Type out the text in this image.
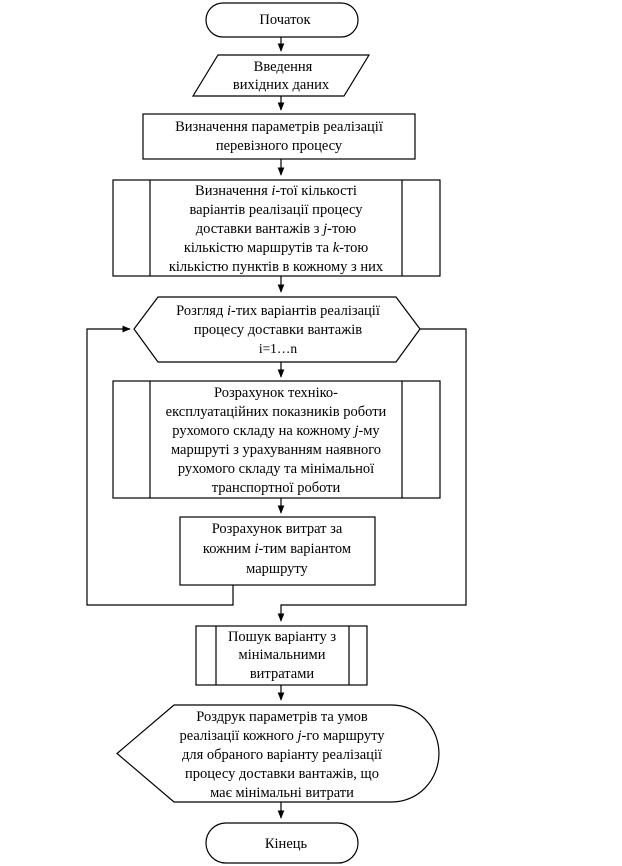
Початок
Введення
вихідних даних
Визначення параметрів реалізації
перевізного процесу
Визначення i-тої кількості
варіантів реалізації процесу
доставки вантажів з j-тою
кількістю маршрутів та k-тою
кількістю пунктів в кожному з них
Розгляд i-тих варіантів реалізації
процесу доставки вантажів
i=1…n
Розрахунок техніко-
експлуатаційних показників роботи
рухомого складу на кожному j-му
маршруті з урахуванням наявного
рухомого складу та мінімальної
транспортної роботи
Розрахунок витрат за
кожним i-тим варіантом
маршруту
Пошук варіанту з
мінімальними
витратами
Роздрук параметрів та умов
реалізації кожного j-го маршруту
для обраного варіанту реалізації
процесу доставки вантажів, що
має мінімальні витрати
Кінець
